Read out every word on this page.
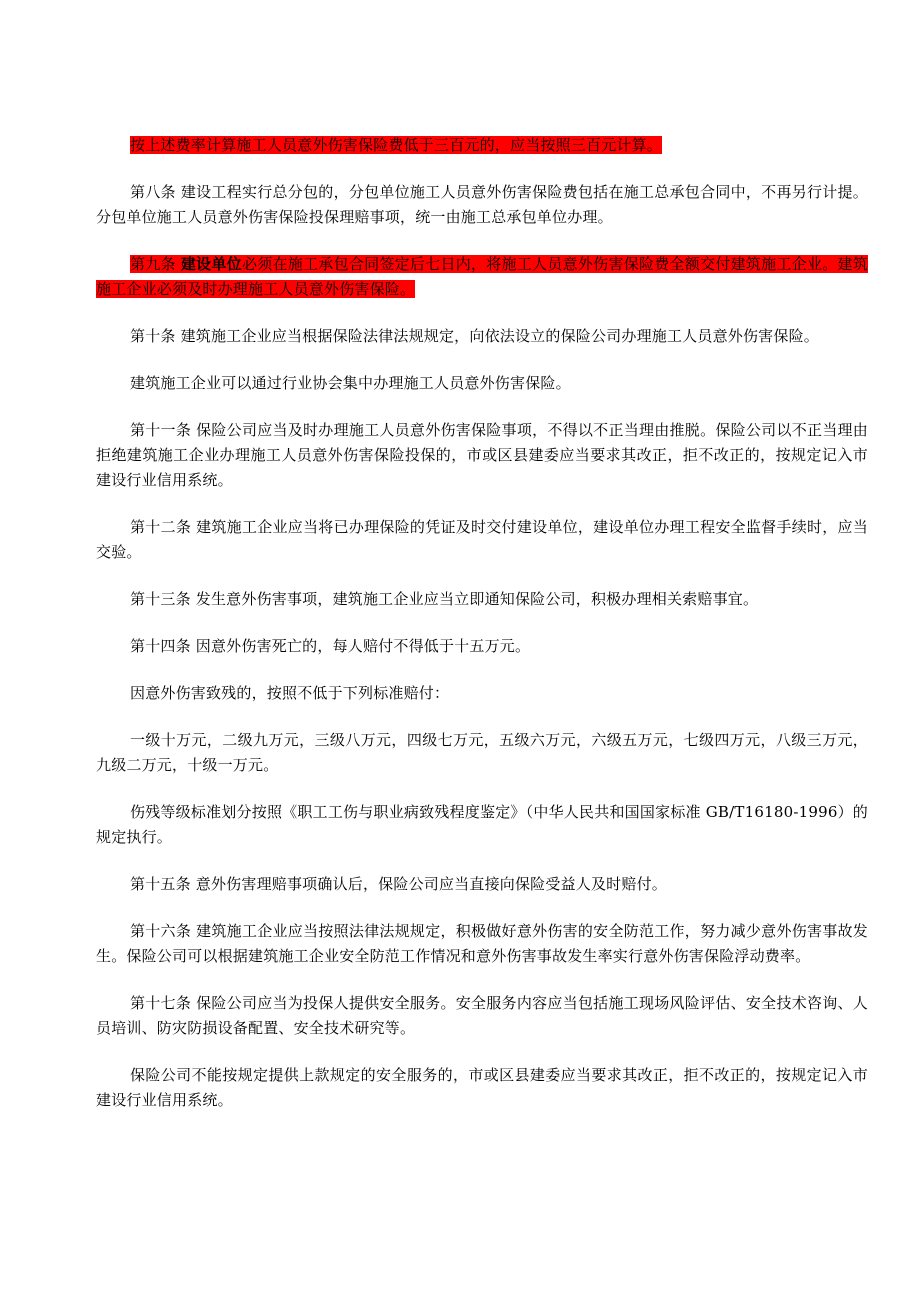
按上述费率计算施工人员意外伤害保险费低于三百元的，应当按照三百元计算。

第八条 建设工程实行总分包的，分包单位施工人员意外伤害保险费包括在施工总承包合同中，不再另行计提。分包单位施工人员意外伤害保险投保理赔事项，统一由施工总承包单位办理。

第九条 建设单位必须在施工承包合同签定后七日内，将施工人员意外伤害保险费全额交付建筑施工企业。建筑施工企业必须及时办理施工人员意外伤害保险。

第十条 建筑施工企业应当根据保险法律法规规定，向依法设立的保险公司办理施工人员意外伤害保险。

建筑施工企业可以通过行业协会集中办理施工人员意外伤害保险。

第十一条 保险公司应当及时办理施工人员意外伤害保险事项，不得以不正当理由推脱。保险公司以不正当理由拒绝建筑施工企业办理施工人员意外伤害保险投保的，市或区县建委应当要求其改正，拒不改正的，按规定记入市建设行业信用系统。

第十二条 建筑施工企业应当将已办理保险的凭证及时交付建设单位，建设单位办理工程安全监督手续时，应当交验。

第十三条 发生意外伤害事项，建筑施工企业应当立即通知保险公司，积极办理相关索赔事宜。

第十四条 因意外伤害死亡的，每人赔付不得低于十五万元。

因意外伤害致残的，按照不低于下列标准赔付：

一级十万元，二级九万元，三级八万元，四级七万元，五级六万元，六级五万元，七级四万元，八级三万元，九级二万元，十级一万元。

伤残等级标准划分按照《职工工伤与职业病致残程度鉴定》（中华人民共和国国家标准 GB/T16180-1996）的规定执行。

第十五条 意外伤害理赔事项确认后，保险公司应当直接向保险受益人及时赔付。

第十六条 建筑施工企业应当按照法律法规规定，积极做好意外伤害的安全防范工作，努力减少意外伤害事故发生。保险公司可以根据建筑施工企业安全防范工作情况和意外伤害事故发生率实行意外伤害保险浮动费率。

第十七条 保险公司应当为投保人提供安全服务。安全服务内容应当包括施工现场风险评估、安全技术咨询、人员培训、防灾防损设备配置、安全技术研究等。

保险公司不能按规定提供上款规定的安全服务的，市或区县建委应当要求其改正，拒不改正的，按规定记入市建设行业信用系统。
